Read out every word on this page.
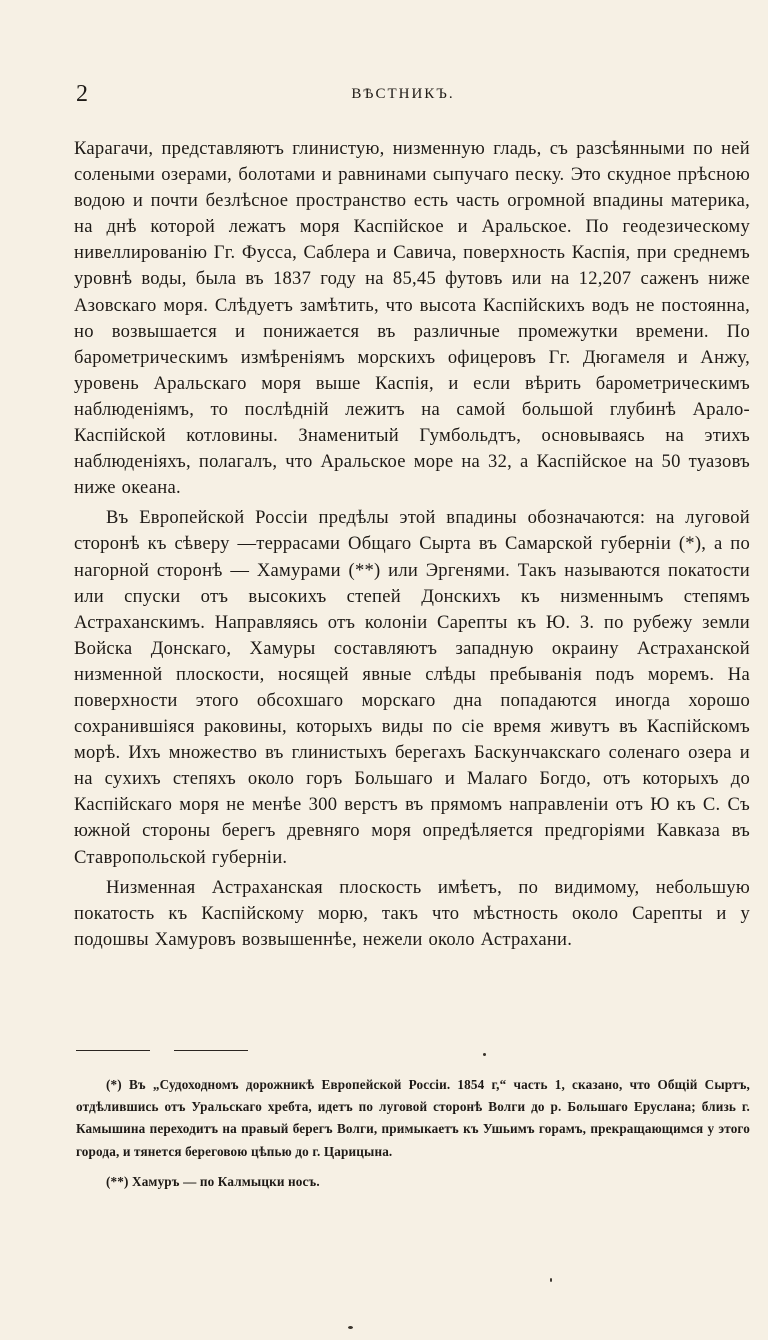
2	ВѢСТНИКЪ.

Карагачи, представляютъ глинистую, низменную гладь, съ разсѣянными по ней солеными озерами, болотами и равнинами сыпучаго песку. Это скудное прѣсною водою и почти безлѣсное пространство есть часть огромной впадины материка, на днѣ которой лежатъ моря Каспійское и Аральское. По геодезическому нивеллированію Гг. Фусса, Саблера и Савича, поверхность Каспія, при среднемъ уровнѣ воды, была въ 1837 году на 85,45 футовъ или на 12,207 саженъ ниже Азовскаго моря. Слѣдуетъ замѣтить, что высота Каспійскихъ водъ не постоянна, но возвышается и понижается въ различные промежутки времени. По барометрическимъ измѣреніямъ морскихъ офицеровъ Гг. Дюгамеля и Анжу, уровень Аральскаго моря выше Каспія, и если вѣрить барометрическимъ наблюденіямъ, то послѣдній лежитъ на самой большой глубинѣ Арало-Каспійской котловины. Знаменитый Гумбольдтъ, основываясь на этихъ наблюденіяхъ, полагалъ, что Аральское море на 32, а Каспійское на 50 туазовъ ниже океана.

Въ Европейской Россіи предѣлы этой впадины обозначаются: на луговой сторонѣ къ сѣверу —террасами Общаго Сырта въ Самарской губерніи (*), а по нагорной сторонѣ — Хамурами (**) или Эргенями. Такъ называются покатости или спуски отъ высокихъ степей Донскихъ къ низменнымъ степямъ Астраханскимъ. Направляясь отъ колоніи Сарепты къ Ю. З. по рубежу земли Войска Донскаго, Хамуры составляютъ западную окраину Астраханской низменной плоскости, носящей явные слѣды пребыванія подъ моремъ. На поверхности этого обсохшаго морскаго дна попадаются иногда хорошо сохранившіяся раковины, которыхъ виды по сіе время живутъ въ Каспійскомъ морѣ. Ихъ множество въ глинистыхъ берегахъ Баскунчакскаго соленаго озера и на сухихъ степяхъ около горъ Большаго и Малаго Богдо, отъ которыхъ до Каспійскаго моря не менѣе 300 верстъ въ прямомъ направленіи отъ Ю къ С. Съ южной стороны берегъ древняго моря опредѣляется предгоріями Кавказа въ Ставропольской губерніи.

Низменная Астраханская плоскость имѣетъ, по видимому, небольшую покатость къ Каспійскому морю, такъ что мѣстность около Сарепты и у подошвы Хамуровъ возвышеннѣе, нежели около Астрахани.

(*) Въ „Судоходномъ дорожникѣ Европейской Россіи. 1854 г,“ часть 1, сказано, что Общій Сыртъ, отдѣлившись отъ Уральскаго хребта, идетъ по луговой сторонѣ Волги до р. Большаго Еруслана; близь г. Камышина переходитъ на правый берегъ Волги, примыкаетъ къ Ушьимъ горамъ, прекращающимся у этого города, и тянется береговою цѣпью до г. Царицына.

(**) Хамуръ — по Калмыцки носъ.
